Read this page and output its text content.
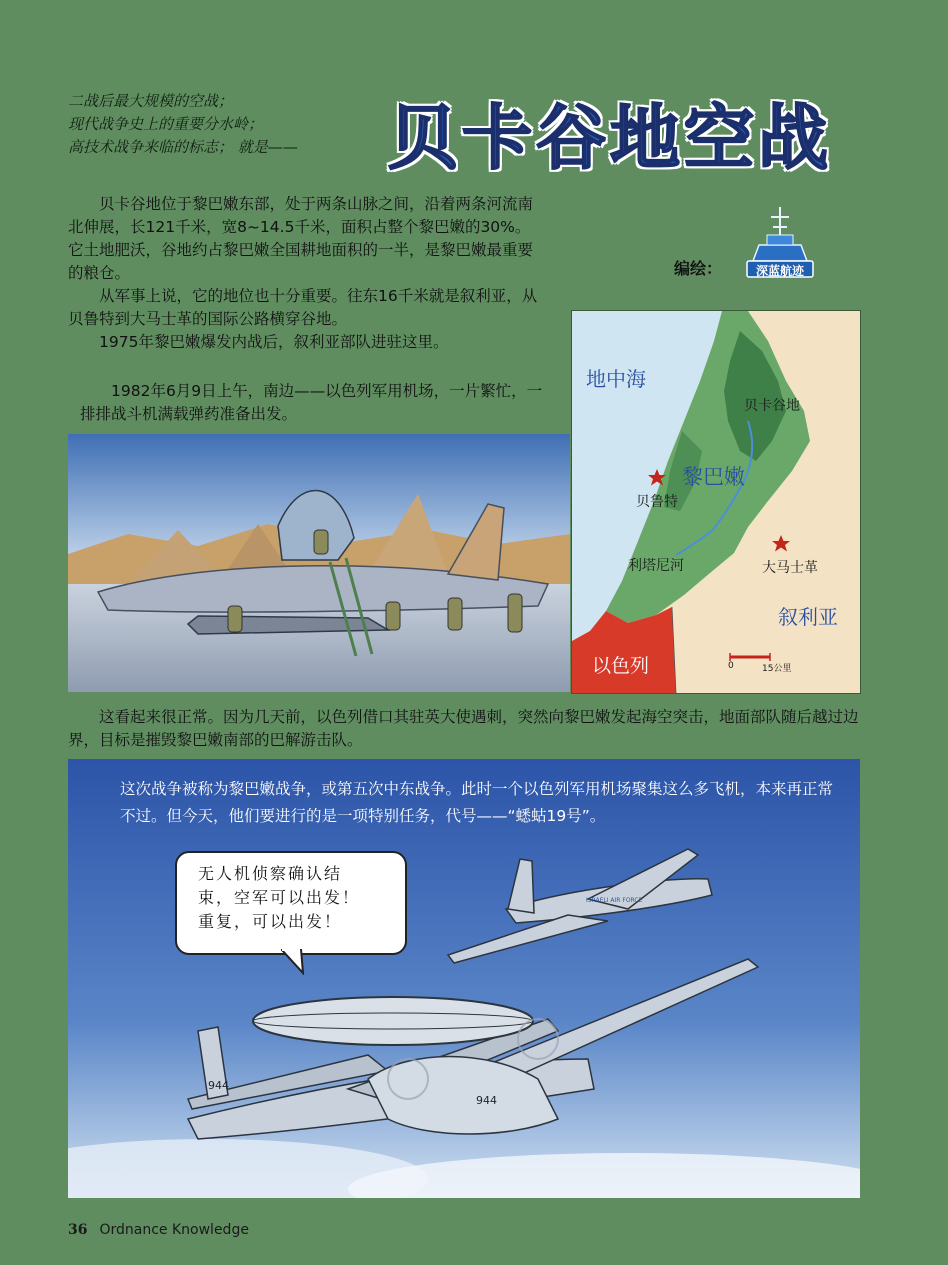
二战后最大规模的空战；
现代战争史上的重要分水岭；
高技术战争来临的标志； 就是——	贝卡谷地空战

贝卡谷地位于黎巴嫩东部，处于两条山脉之间，沿着两条河流南北伸展，长121千米，宽8~14.5千米，面积占整个黎巴嫩的30%。它土地肥沃，谷地约占黎巴嫩全国耕地面积的一半，是黎巴嫩最重要的粮仓。

从军事上说，它的地位也十分重要。往东16千米就是叙利亚，从贝鲁特到大马士革的国际公路横穿谷地。

1975年黎巴嫩爆发内战后，叙利亚部队进驻这里。

1982年6月9日上午，南边——以色列军用机场，一片繁忙，一排排战斗机满载弹药准备出发。

编绘：	深蓝航迹
地中海
贝卡谷地
黎巴嫩
贝鲁特
利塔尼河	大马士革
叙利亚
以色列	0	15公里

这看起来很正常。因为几天前，以色列借口其驻英大使遇刺，突然向黎巴嫩发起海空突击，地面部队随后越过边界，目标是摧毁黎巴嫩南部的巴解游击队。

这次战争被称为黎巴嫩战争，或第五次中东战争。此时一个以色列军用机场聚集这么多飞机，本来再正常不过。但今天，他们要进行的是一项特别任务，代号——“蟋蛄19号”。
944
944
ISRAELI AIR FORCE
无人机侦察确认结
束，空军可以出发！
重复，可以出发！
36 Ordnance Knowledge
